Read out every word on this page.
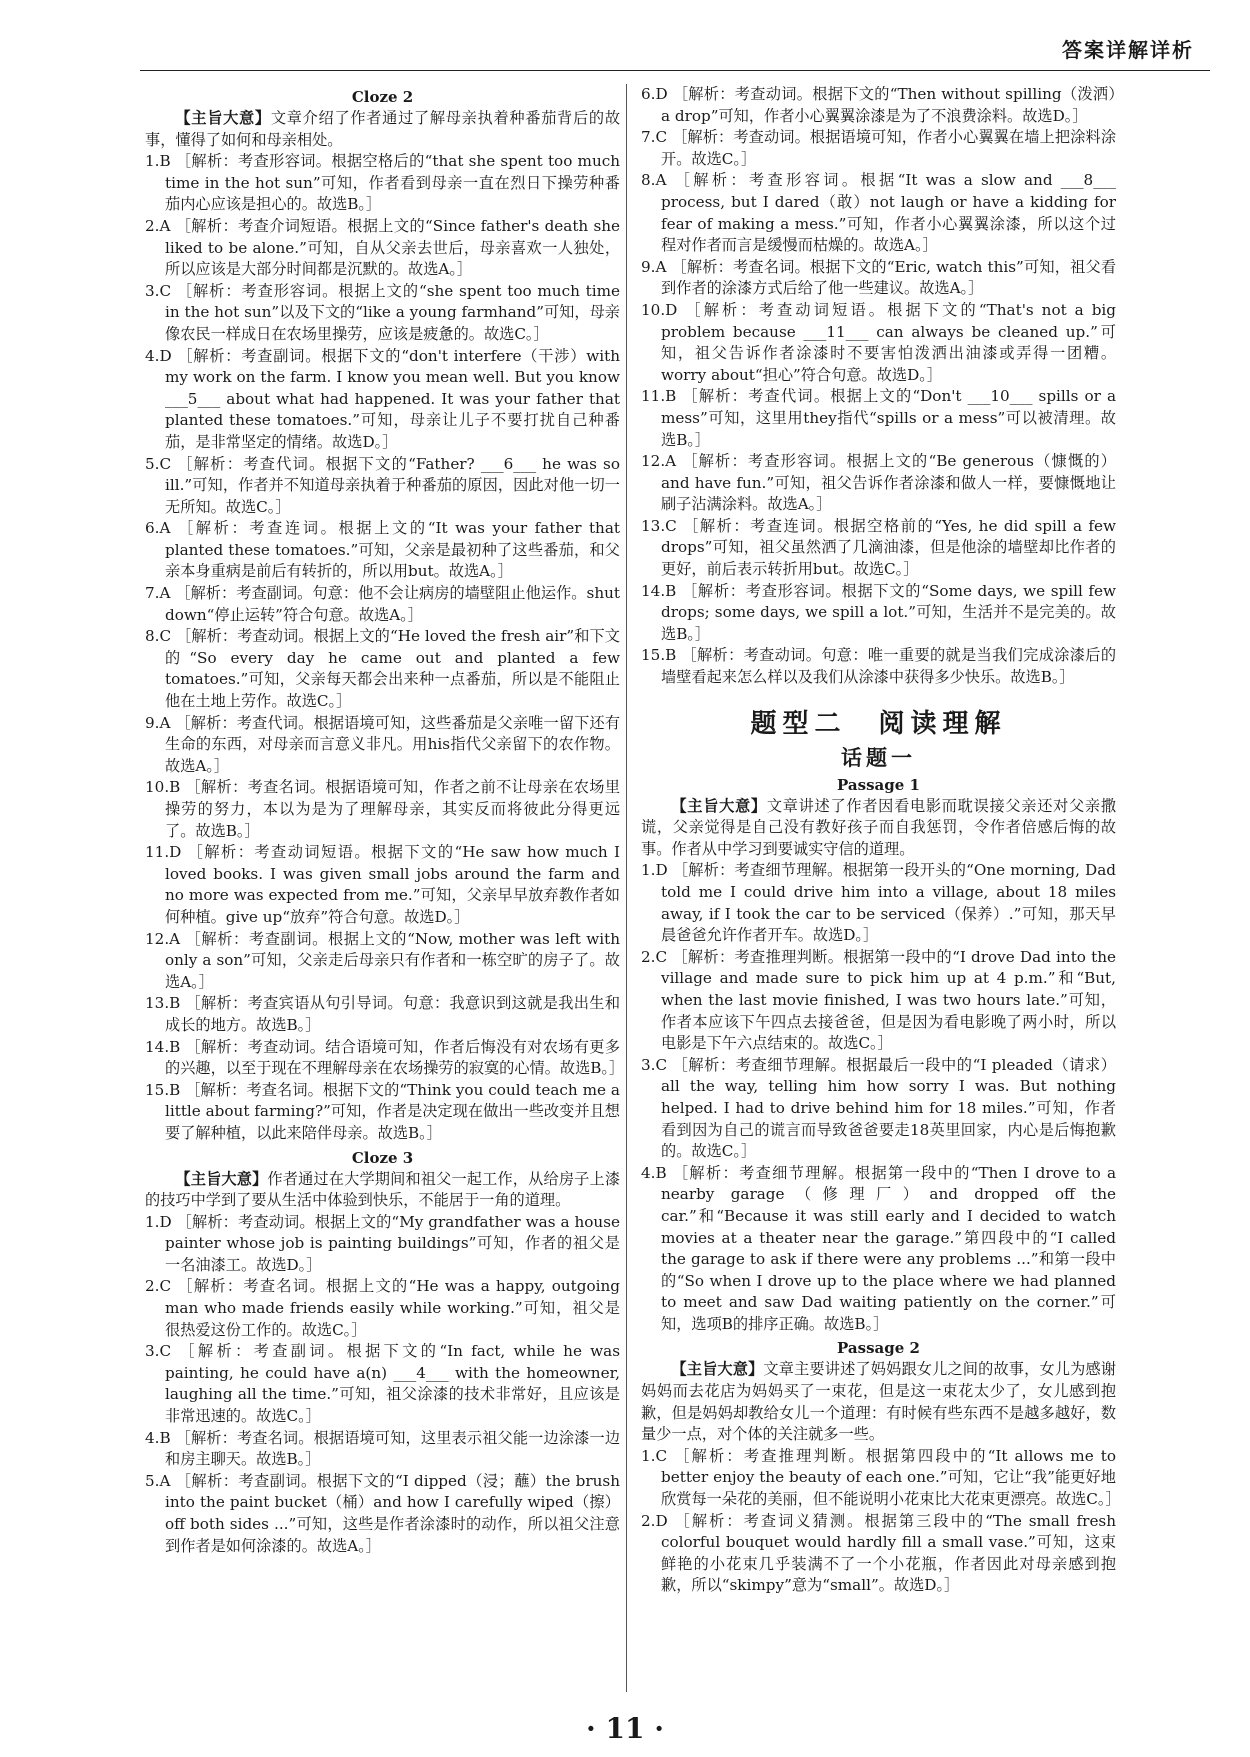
答案详解详析
Cloze 2

【主旨大意】文章介绍了作者通过了解母亲执着种番茄背后的故事，懂得了如何和母亲相处。

1.B ［解析：考查形容词。根据空格后的“that she spent too much time in the hot sun”可知，作者看到母亲一直在烈日下操劳种番茄内心应该是担心的。故选B。］

2.A ［解析：考查介词短语。根据上文的“Since father's death she liked to be alone.”可知，自从父亲去世后，母亲喜欢一人独处，所以应该是大部分时间都是沉默的。故选A。］

3.C ［解析：考查形容词。根据上文的“she spent too much time in the hot sun”以及下文的“like a young farmhand”可知，母亲像农民一样成日在农场里操劳，应该是疲惫的。故选C。］

4.D ［解析：考查副词。根据下文的“don't interfere（干涉）with my work on the farm. I know you mean well. But you know ___5___ about what had happened. It was your father that planted these tomatoes.”可知，母亲让儿子不要打扰自己种番茄，是非常坚定的情绪。故选D。］

5.C ［解析：考查代词。根据下文的“Father? ___6___ he was so ill.”可知，作者并不知道母亲执着于种番茄的原因，因此对他一切一无所知。故选C。］

6.A ［解析：考查连词。根据上文的“It was your father that planted these tomatoes.”可知，父亲是最初种了这些番茄，和父亲本身重病是前后有转折的，所以用but。故选A。］

7.A ［解析：考查副词。句意：他不会让病房的墙壁阻止他运作。shut down“停止运转”符合句意。故选A。］

8.C ［解析：考查动词。根据上文的“He loved the fresh air”和下文的“So every day he came out and planted a few tomatoes.”可知，父亲每天都会出来种一点番茄，所以是不能阻止他在土地上劳作。故选C。］

9.A ［解析：考查代词。根据语境可知，这些番茄是父亲唯一留下还有生命的东西，对母亲而言意义非凡。用his指代父亲留下的农作物。故选A。］

10.B ［解析：考查名词。根据语境可知，作者之前不让母亲在农场里操劳的努力，本以为是为了理解母亲，其实反而将彼此分得更远了。故选B。］

11.D ［解析：考查动词短语。根据下文的“He saw how much I loved books. I was given small jobs around the farm and no more was expected from me.”可知，父亲早早放弃教作者如何种植。give up“放弃”符合句意。故选D。］

12.A ［解析：考查副词。根据上文的“Now, mother was left with only a son”可知，父亲走后母亲只有作者和一栋空旷的房子了。故选A。］

13.B ［解析：考查宾语从句引导词。句意：我意识到这就是我出生和成长的地方。故选B。］

14.B ［解析：考查动词。结合语境可知，作者后悔没有对农场有更多的兴趣，以至于现在不理解母亲在农场操劳的寂寞的心情。故选B。］

15.B ［解析：考查名词。根据下文的“Think you could teach me a little about farming?”可知，作者是决定现在做出一些改变并且想要了解种植，以此来陪伴母亲。故选B。］

Cloze 3

【主旨大意】作者通过在大学期间和祖父一起工作，从给房子上漆的技巧中学到了要从生活中体验到快乐，不能居于一角的道理。

1.D ［解析：考查动词。根据上文的“My grandfather was a house painter whose job is painting buildings”可知，作者的祖父是一名油漆工。故选D。］

2.C ［解析：考查名词。根据上文的“He was a happy, outgoing man who made friends easily while working.”可知，祖父是很热爱这份工作的。故选C。］

3.C ［解析：考查副词。根据下文的“In fact, while he was painting, he could have a(n) ___4___ with the homeowner, laughing all the time.”可知，祖父涂漆的技术非常好，且应该是非常迅速的。故选C。］

4.B ［解析：考查名词。根据语境可知，这里表示祖父能一边涂漆一边和房主聊天。故选B。］

5.A ［解析：考查副词。根据下文的“I dipped（浸；蘸）the brush into the paint bucket（桶）and how I carefully wiped（擦）off both sides ...”可知，这些是作者涂漆时的动作，所以祖父注意到作者是如何涂漆的。故选A。］

6.D ［解析：考查动词。根据下文的“Then without spilling（泼洒）a drop”可知，作者小心翼翼涂漆是为了不浪费涂料。故选D。］

7.C ［解析：考查动词。根据语境可知，作者小心翼翼在墙上把涂料涂开。故选C。］

8.A ［解析：考查形容词。根据“It was a slow and ___8___ process, but I dared（敢）not laugh or have a kidding for fear of making a mess.”可知，作者小心翼翼涂漆，所以这个过程对作者而言是缓慢而枯燥的。故选A。］

9.A ［解析：考查名词。根据下文的“Eric, watch this”可知，祖父看到作者的涂漆方式后给了他一些建议。故选A。］

10.D ［解析：考查动词短语。根据下文的“That's not a big problem because ___11___ can always be cleaned up.”可知，祖父告诉作者涂漆时不要害怕泼洒出油漆或弄得一团糟。worry about“担心”符合句意。故选D。］

11.B ［解析：考查代词。根据上文的“Don't ___10___ spills or a mess”可知，这里用they指代“spills or a mess”可以被清理。故选B。］

12.A ［解析：考查形容词。根据上文的“Be generous（慷慨的）and have fun.”可知，祖父告诉作者涂漆和做人一样，要慷慨地让刷子沾满涂料。故选A。］

13.C ［解析：考查连词。根据空格前的“Yes, he did spill a few drops”可知，祖父虽然洒了几滴油漆，但是他涂的墙壁却比作者的更好，前后表示转折用but。故选C。］

14.B ［解析：考查形容词。根据下文的“Some days, we spill few drops; some days, we spill a lot.”可知，生活并不是完美的。故选B。］

15.B ［解析：考查动词。句意：唯一重要的就是当我们完成涂漆后的墙壁看起来怎么样以及我们从涂漆中获得多少快乐。故选B。］

题型二　阅读理解
话题一
Passage 1

【主旨大意】文章讲述了作者因看电影而耽误接父亲还对父亲撒谎，父亲觉得是自己没有教好孩子而自我惩罚，令作者倍感后悔的故事。作者从中学习到要诚实守信的道理。

1.D ［解析：考查细节理解。根据第一段开头的“One morning, Dad told me I could drive him into a village, about 18 miles away, if I took the car to be serviced（保养）.”可知，那天早晨爸爸允许作者开车。故选D。］

2.C ［解析：考查推理判断。根据第一段中的“I drove Dad into the village and made sure to pick him up at 4 p.m.”和“But, when the last movie finished, I was two hours late.”可知，作者本应该下午四点去接爸爸，但是因为看电影晚了两小时，所以电影是下午六点结束的。故选C。］

3.C ［解析：考查细节理解。根据最后一段中的“I pleaded（请求）all the way, telling him how sorry I was. But nothing helped. I had to drive behind him for 18 miles.”可知，作者看到因为自己的谎言而导致爸爸要走18英里回家，内心是后悔抱歉的。故选C。］

4.B ［解析：考查细节理解。根据第一段中的“Then I drove to a nearby garage（修理厂）and dropped off the car.”和“Because it was still early and I decided to watch movies at a theater near the garage.”第四段中的“I called the garage to ask if there were any problems ...”和第一段中的“So when I drove up to the place where we had planned to meet and saw Dad waiting patiently on the corner.”可知，选项B的排序正确。故选B。］

Passage 2

【主旨大意】文章主要讲述了妈妈跟女儿之间的故事，女儿为感谢妈妈而去花店为妈妈买了一束花，但是这一束花太少了，女儿感到抱歉，但是妈妈却教给女儿一个道理：有时候有些东西不是越多越好，数量少一点，对个体的关注就多一些。

1.C ［解析：考查推理判断。根据第四段中的“It allows me to better enjoy the beauty of each one.”可知，它让“我”能更好地欣赏每一朵花的美丽，但不能说明小花束比大花束更漂亮。故选C。］

2.D ［解析：考查词义猜测。根据第三段中的“The small fresh colorful bouquet would hardly fill a small vase.”可知，这束鲜艳的小花束几乎装满不了一个小花瓶，作者因此对母亲感到抱歉，所以“skimpy”意为“small”。故选D。］

· 11 ·
